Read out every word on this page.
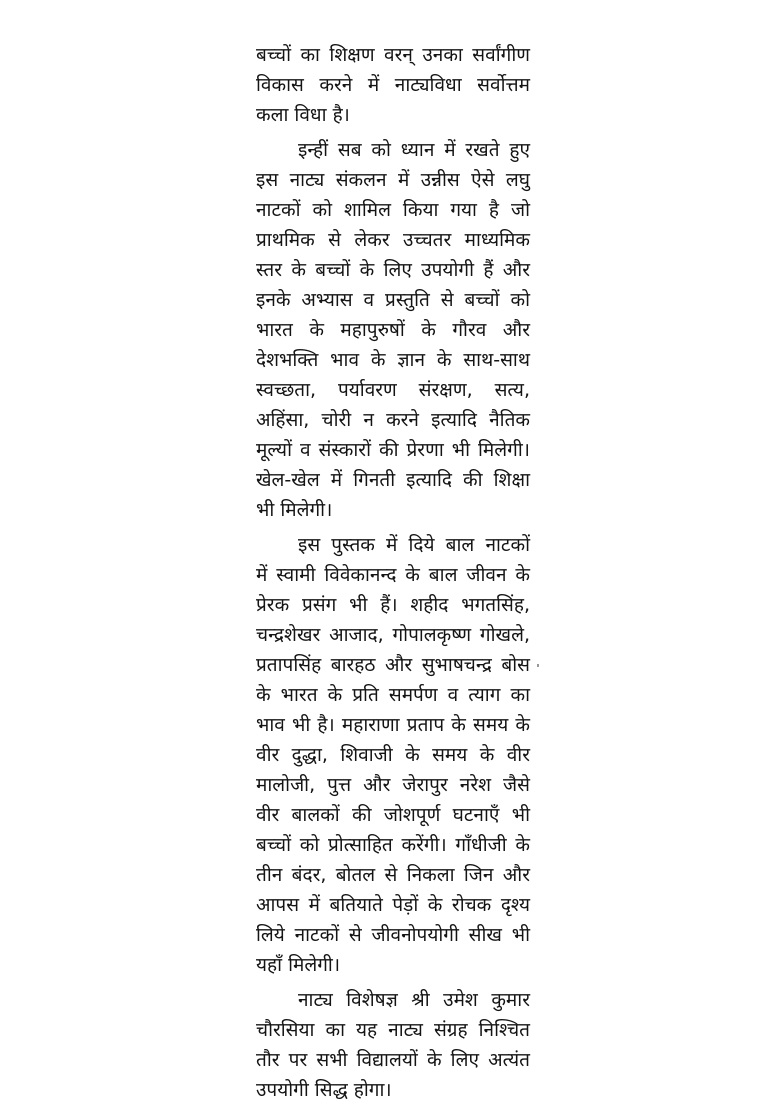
बच्चों का शिक्षण वरन् उनका सर्वांगीण
विकास करने में नाट्यविधा सर्वोत्तम
कला विधा है।
इन्हीं सब को ध्यान में रखते हुए
इस नाट्य संकलन में उन्नीस ऐसे लघु
नाटकों को शामिल किया गया है जो
प्राथमिक से लेकर उच्चतर माध्यमिक
स्तर के बच्चों के लिए उपयोगी हैं और
इनके अभ्यास व प्रस्तुति से बच्चों को
भारत के महापुरुषों के गौरव और
देशभक्ति भाव के ज्ञान के साथ-साथ
स्वच्छता, पर्यावरण संरक्षण, सत्य,
अहिंसा, चोरी न करने इत्यादि नैतिक
मूल्यों व संस्कारों की प्रेरणा भी मिलेगी।
खेल-खेल में गिनती इत्यादि की शिक्षा
भी मिलेगी।
इस पुस्तक में दिये बाल नाटकों
में स्वामी विवेकानन्द के बाल जीवन के
प्रेरक प्रसंग भी हैं। शहीद भगतसिंह,
चन्द्रशेखर आजाद, गोपालकृष्ण गोखले,
प्रतापसिंह बारहठ और सुभाषचन्द्र बोस
के भारत के प्रति समर्पण व त्याग का
भाव भी है। महाराणा प्रताप के समय के
वीर दुद्धा, शिवाजी के समय के वीर
मालोजी, पुत्त और जेरापुर नरेश जैसे
वीर बालकों की जोशपूर्ण घटनाएँ भी
बच्चों को प्रोत्साहित करेंगी। गाँधीजी के
तीन बंदर, बोतल से निकला जिन और
आपस में बतियाते पेड़ों के रोचक दृश्य
लिये नाटकों से जीवनोपयोगी सीख भी
यहाँ मिलेगी।
नाट्य विशेषज्ञ श्री उमेश कुमार
चौरसिया का यह नाट्य संग्रह निश्चित
तौर पर सभी विद्यालयों के लिए अत्यंत
उपयोगी सिद्ध होगा।
